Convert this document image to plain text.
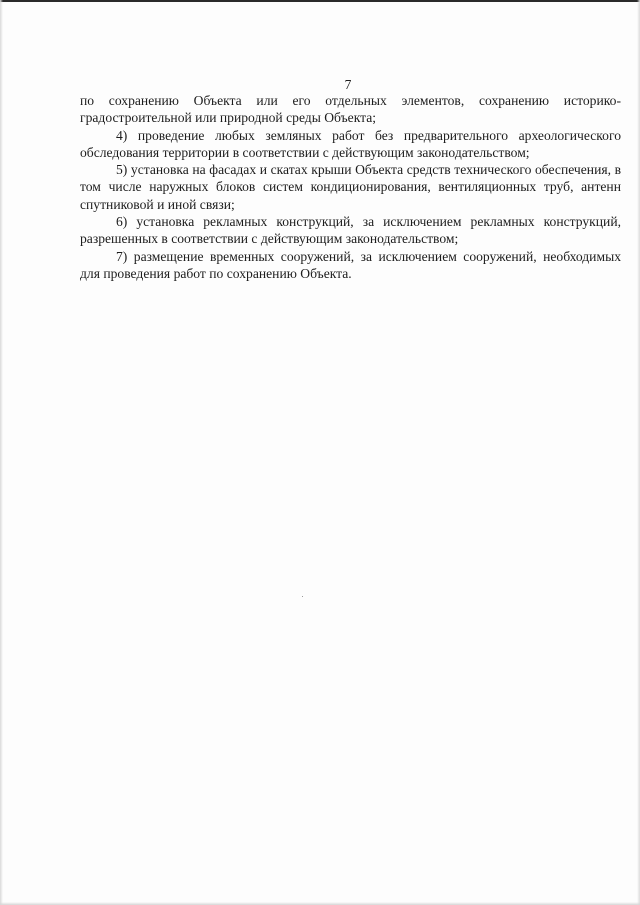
7

по сохранению Объекта или его отдельных элементов, сохранению историко-градостроительной или природной среды Объекта;

4) проведение любых земляных работ без предварительного археологического обследования территории в соответствии с действующим законодательством;

5) установка на фасадах и скатах крыши Объекта средств технического обеспечения, в том числе наружных блоков систем кондиционирования, вентиляционных труб, антенн спутниковой и иной связи;

6) установка рекламных конструкций, за исключением рекламных конструкций, разрешенных в соответствии с действующим законодательством;

7) размещение временных сооружений, за исключением сооружений, необходимых для проведения работ по сохранению Объекта.
